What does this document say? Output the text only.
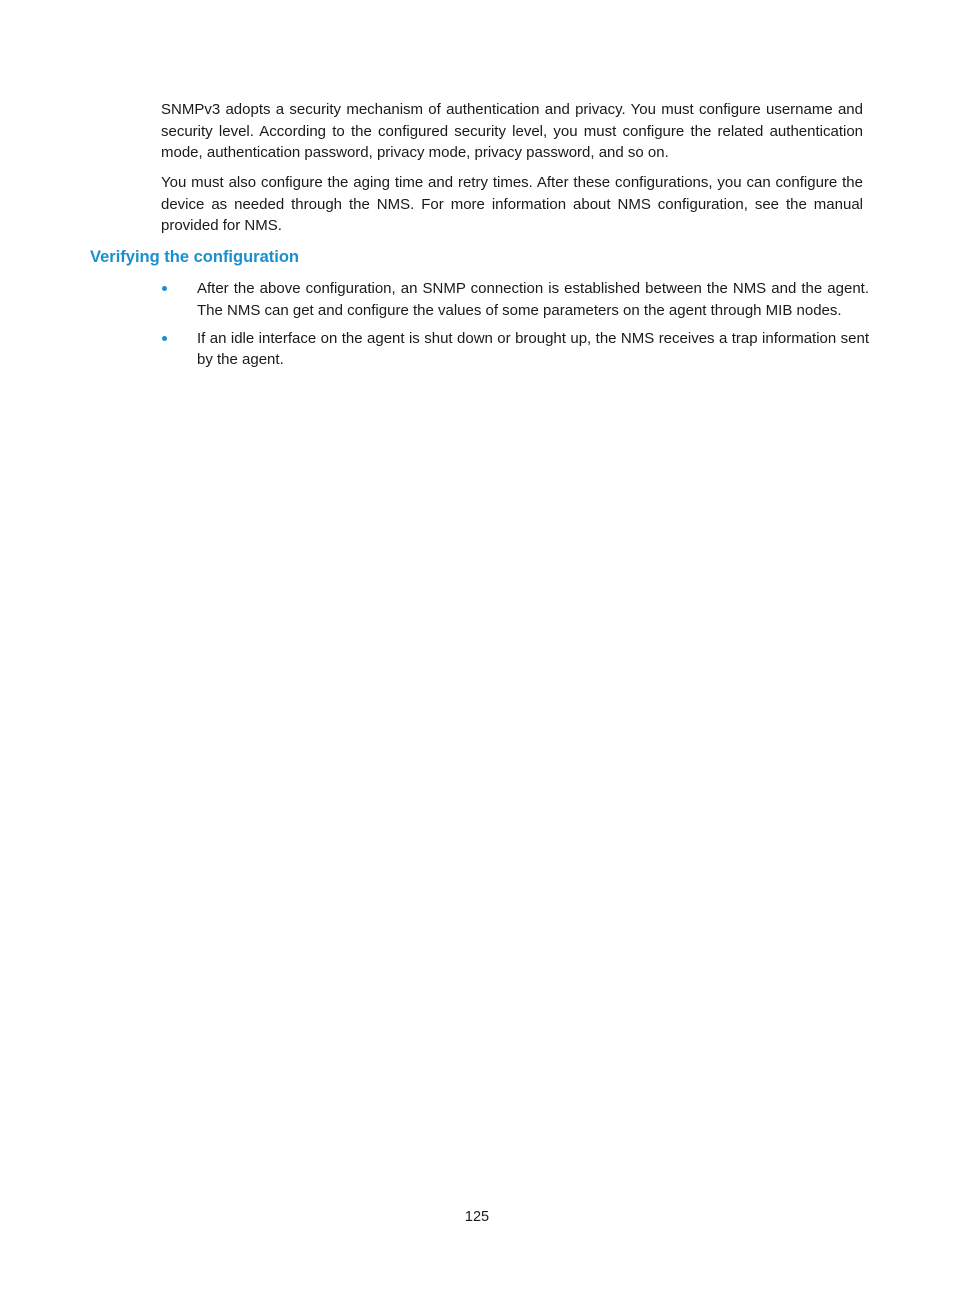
SNMPv3 adopts a security mechanism of authentication and privacy. You must configure username and security level. According to the configured security level, you must configure the related authentication mode, authentication password, privacy mode, privacy password, and so on.

You must also configure the aging time and retry times. After these configurations, you can configure the device as needed through the NMS. For more information about NMS configuration, see the manual provided for NMS.

Verifying the configuration
After the above configuration, an SNMP connection is established between the NMS and the agent. The NMS can get and configure the values of some parameters on the agent through MIB nodes.
If an idle interface on the agent is shut down or brought up, the NMS receives a trap information sent by the agent.
125
